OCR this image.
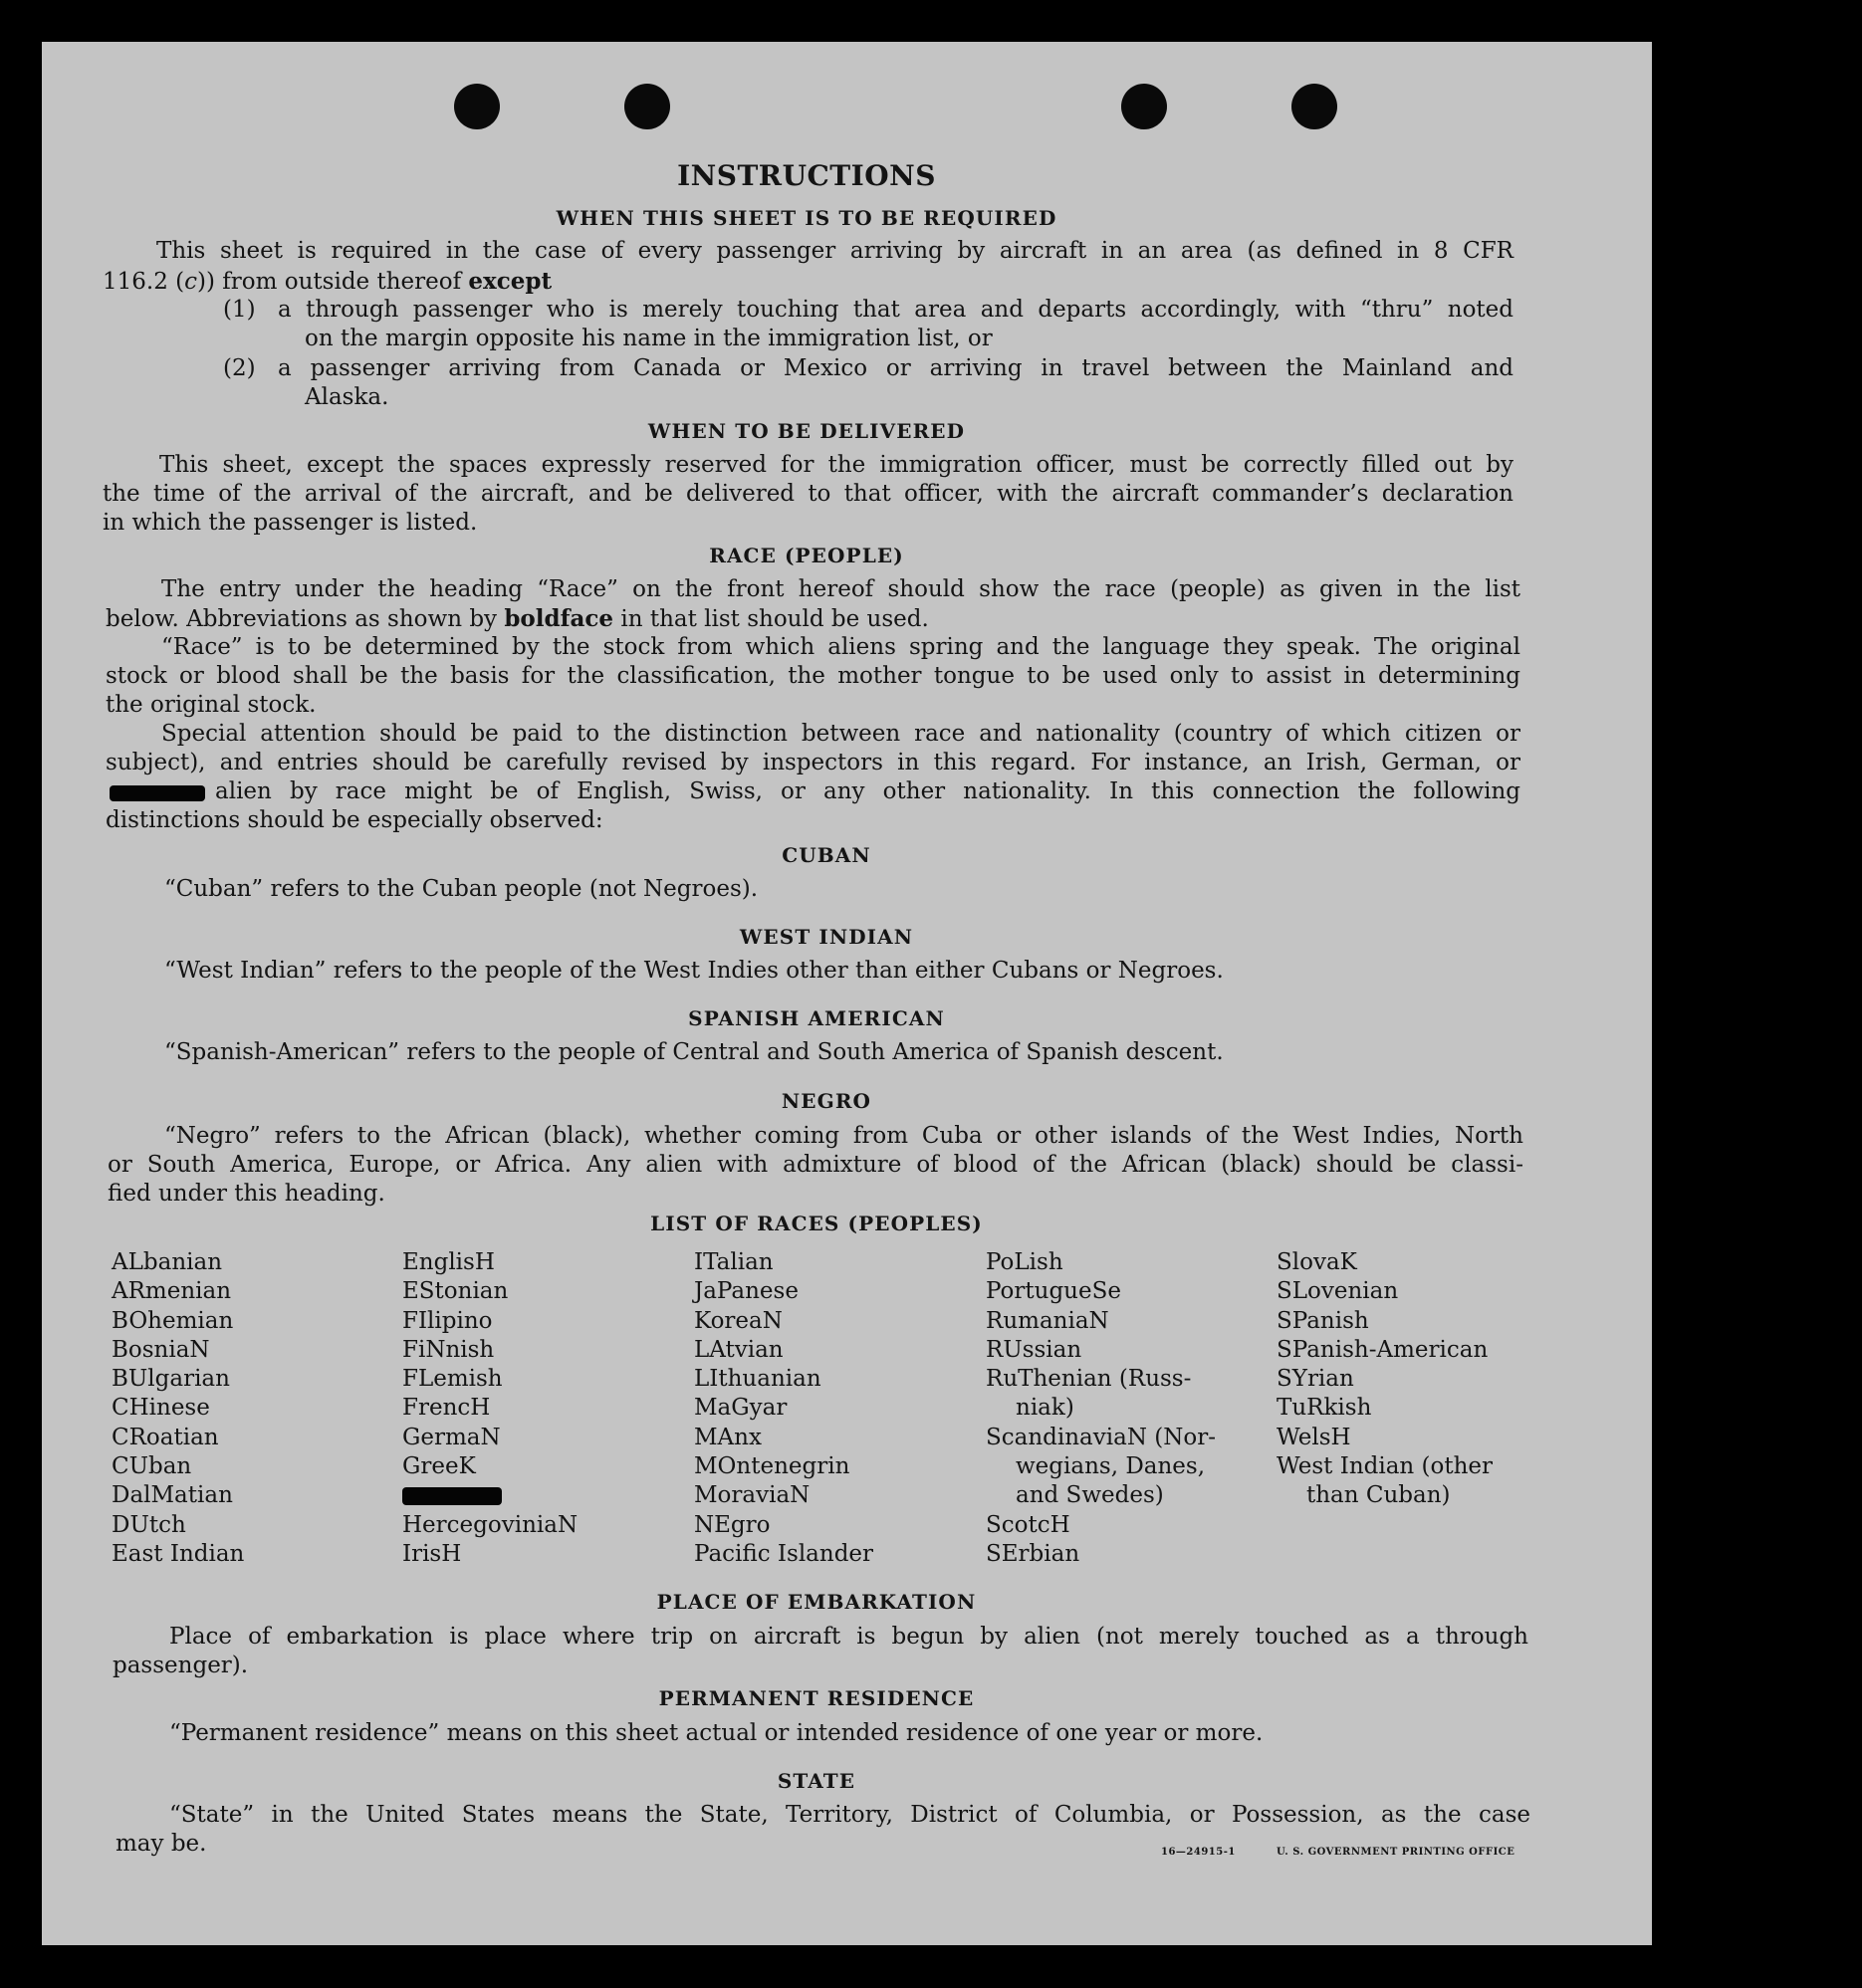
INSTRUCTIONS
WHEN THIS SHEET IS TO BE REQUIRED
This sheet is required in the case of every passenger arriving by aircraft in an area (as defined in 8 CFR
116.2 (c)) from outside thereof except
(1) a through passenger who is merely touching that area and departs accordingly, with “thru” noted
on the margin opposite his name in the immigration list, or
(2) a passenger arriving from Canada or Mexico or arriving in travel between the Mainland and
Alaska.
WHEN TO BE DELIVERED
This sheet, except the spaces expressly reserved for the immigration officer, must be correctly filled out by
the time of the arrival of the aircraft, and be delivered to that officer, with the aircraft commander’s declaration
in which the passenger is listed.
RACE (PEOPLE)
The entry under the heading “Race” on the front hereof should show the race (people) as given in the list
below. Abbreviations as shown by boldface in that list should be used.
“Race” is to be determined by the stock from which aliens spring and the language they speak. The original
stock or blood shall be the basis for the classification, the mother tongue to be used only to assist in determining
the original stock.
Special attention should be paid to the distinction between race and nationality (country of which citizen or
subject), and entries should be carefully revised by inspectors in this regard. For instance, an Irish, German, or
alien by race might be of English, Swiss, or any other nationality. In this connection the following
distinctions should be especially observed:
CUBAN
“Cuban” refers to the Cuban people (not Negroes).
WEST INDIAN
“West Indian” refers to the people of the West Indies other than either Cubans or Negroes.
SPANISH AMERICAN
“Spanish-American” refers to the people of Central and South America of Spanish descent.
NEGRO
“Negro” refers to the African (black), whether coming from Cuba or other islands of the West Indies, North
or South America, Europe, or Africa. Any alien with admixture of blood of the African (black) should be classi-
fied under this heading.
LIST OF RACES (PEOPLES)
ALbanian
ARmenian
BOhemian
BosniaN
BUlgarian
CHinese
CRoatian
CUban
DalMatian
DUtch
East Indian
EnglisH
EStonian
FIlipino
FiNnish
FLemish
FrencH
GermaN
GreeK
HercegoviniaN
IrisH
ITalian
JaPanese
KoreaN
LAtvian
LIthuanian
MaGyar
MAnx
MOntenegrin
MoraviaN
NEgro
Pacific Islander
PoLish
PortugueSe
RumaniaN
RUssian
RuThenian (Russ-
niak)
ScandinaviaN (Nor-
wegians, Danes,
and Swedes)
ScotcH
SErbian
SlovaK
SLovenian
SPanish
SPanish-American
SYrian
TuRkish
WelsH
West Indian (other
than Cuban)
PLACE OF EMBARKATION
Place of embarkation is place where trip on aircraft is begun by alien (not merely touched as a through
passenger).
PERMANENT RESIDENCE
“Permanent residence” means on this sheet actual or intended residence of one year or more.
STATE
“State” in the United States means the State, Territory, District of Columbia, or Possession, as the case
may be.	16—24915-1	U. S. GOVERNMENT PRINTING OFFICE
